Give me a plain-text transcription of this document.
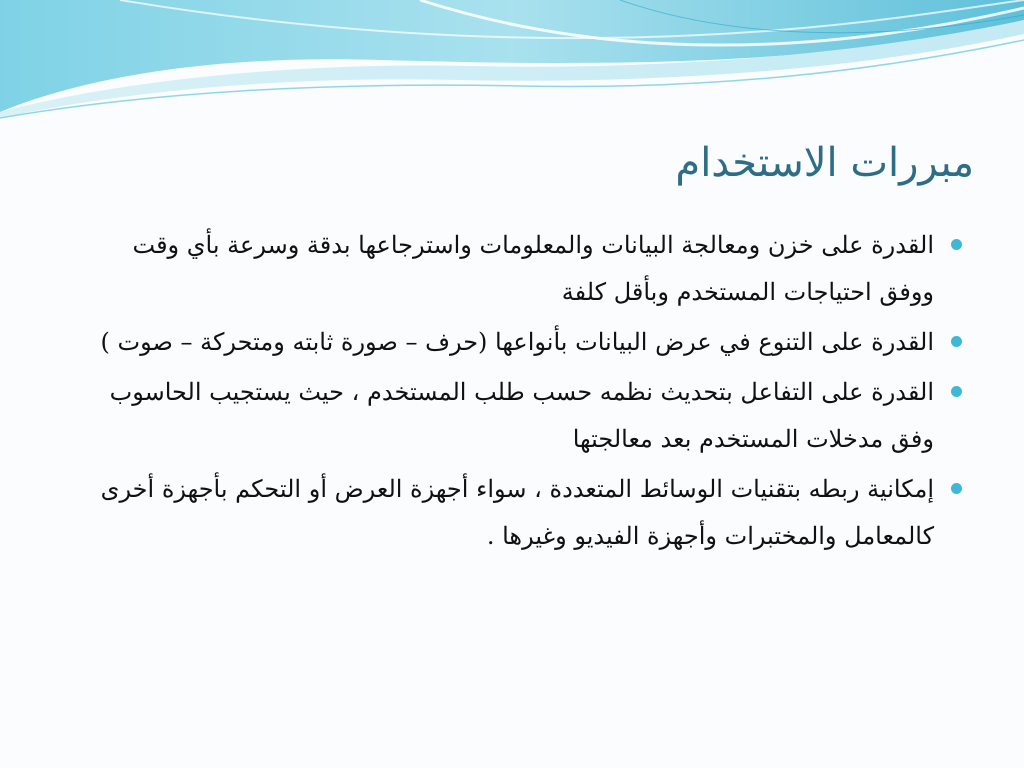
مبررات الاستخدام
القدرة على خزن ومعالجة البيانات والمعلومات واسترجاعها بدقة وسرعة بأي وقت ووفق احتياجات المستخدم وبأقل كلفة
القدرة على التنوع في عرض البيانات بأنواعها (حرف – صورة ثابته ومتحركة – صوت )
القدرة على التفاعل بتحديث نظمه حسب طلب المستخدم ، حيث يستجيب الحاسوب وفق مدخلات المستخدم بعد معالجتها
إمكانية ربطه بتقنيات الوسائط المتعددة ، سواء أجهزة العرض أو التحكم بأجهزة أخرى كالمعامل والمختبرات وأجهزة الفيديو وغيرها .
